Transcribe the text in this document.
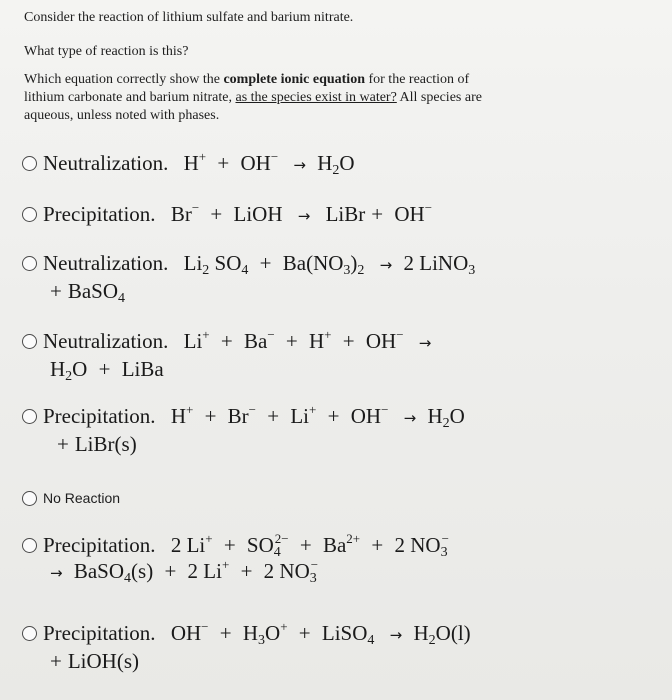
Consider the reaction of lithium sulfate and barium nitrate.
What type of reaction is this?
Which equation correctly show the complete ionic equation for the reaction of
lithium carbonate and barium nitrate, as the species exist in water? All species are
aqueous, unless noted with phases.
Neutralization. $H^+ + OH^- \to H_2O$
Precipitation. Br− + LiOH → LiBr + OH−
Neutralization. $Li_2$ $SO_4 + Ba(NO_3)_2 \to 2$ LiNO$_3$
+ BaSO$_4$
Neutralization. Li+ + Ba− + H+ + OH− →
$H_2O$ + LiBa
Precipitation. $H^+ + Br^- + Li^+ + OH^- \to H_2O$
+ LiBr(s)
No Reaction
Precipitation. 2 $Li^+ + SO_4^{2-} + Ba^{2+} + 2$ $NO_3^-$
→ BaSO$_4$(s) + 2 Li+ + 2 $NO_3^-$
Precipitation. $OH^- + H_3O^+$ + LiSO$_4$ → $H_2O(l)$
+ LiOH(s)
